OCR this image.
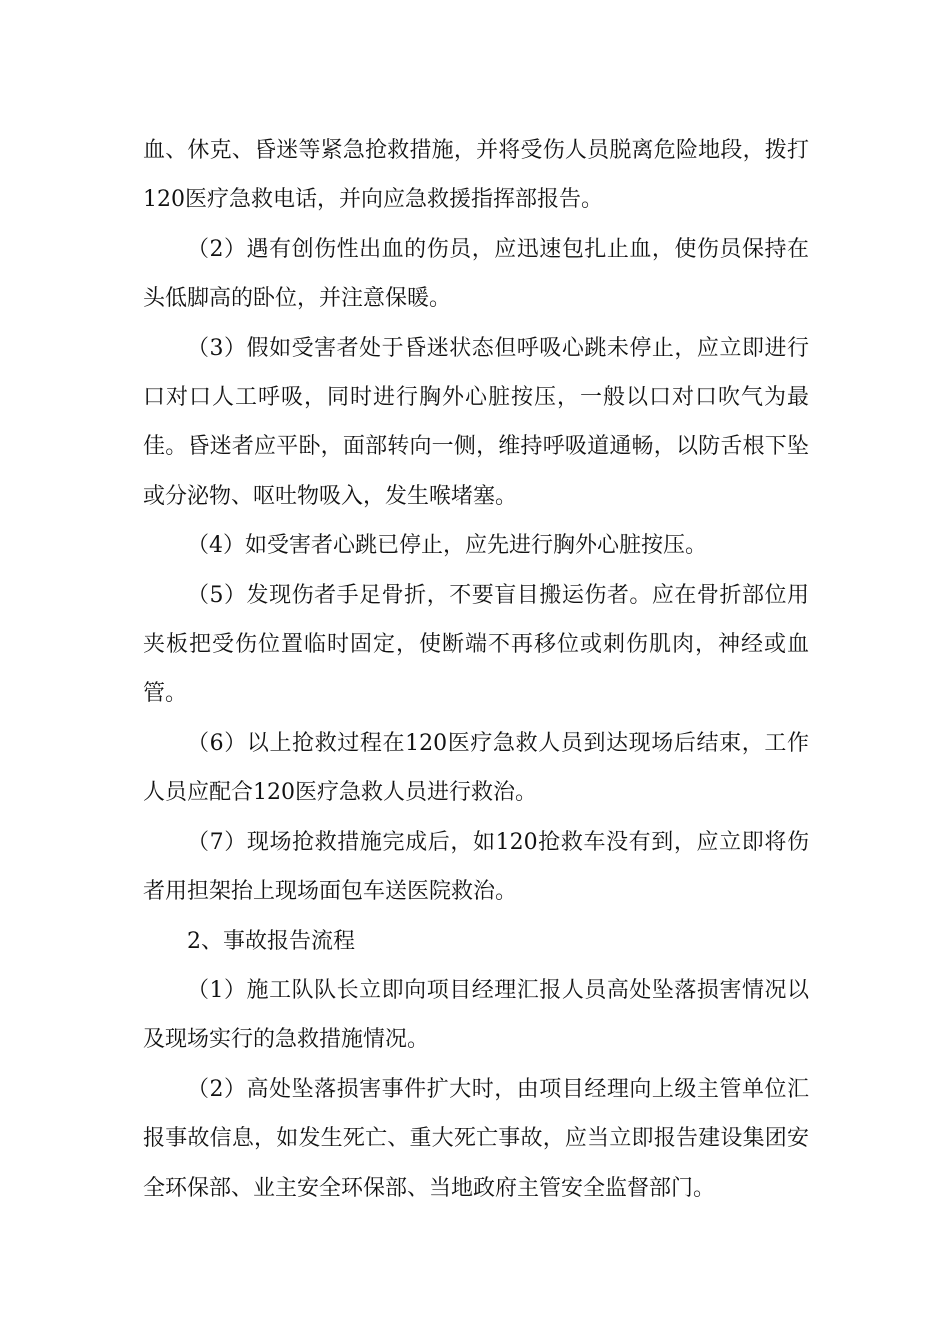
血、休克、昏迷等紧急抢救措施，并将受伤人员脱离危险地段，拨打120医疗急救电话，并向应急救援指挥部报告。

（2）遇有创伤性出血的伤员，应迅速包扎止血，使伤员保持在头低脚高的卧位，并注意保暖。

（3）假如受害者处于昏迷状态但呼吸心跳未停止，应立即进行口对口人工呼吸，同时进行胸外心脏按压，一般以口对口吹气为最佳。昏迷者应平卧，面部转向一侧，维持呼吸道通畅，以防舌根下坠或分泌物、呕吐物吸入，发生喉堵塞。

（4）如受害者心跳已停止，应先进行胸外心脏按压。

（5）发现伤者手足骨折，不要盲目搬运伤者。应在骨折部位用夹板把受伤位置临时固定，使断端不再移位或刺伤肌肉，神经或血管。

（6）以上抢救过程在120医疗急救人员到达现场后结束，工作人员应配合120医疗急救人员进行救治。

（7）现场抢救措施完成后，如120抢救车没有到，应立即将伤者用担架抬上现场面包车送医院救治。

2、事故报告流程

（1）施工队队长立即向项目经理汇报人员高处坠落损害情况以及现场实行的急救措施情况。

（2）高处坠落损害事件扩大时，由项目经理向上级主管单位汇报事故信息，如发生死亡、重大死亡事故，应当立即报告建设集团安全环保部、业主安全环保部、当地政府主管安全监督部门。
